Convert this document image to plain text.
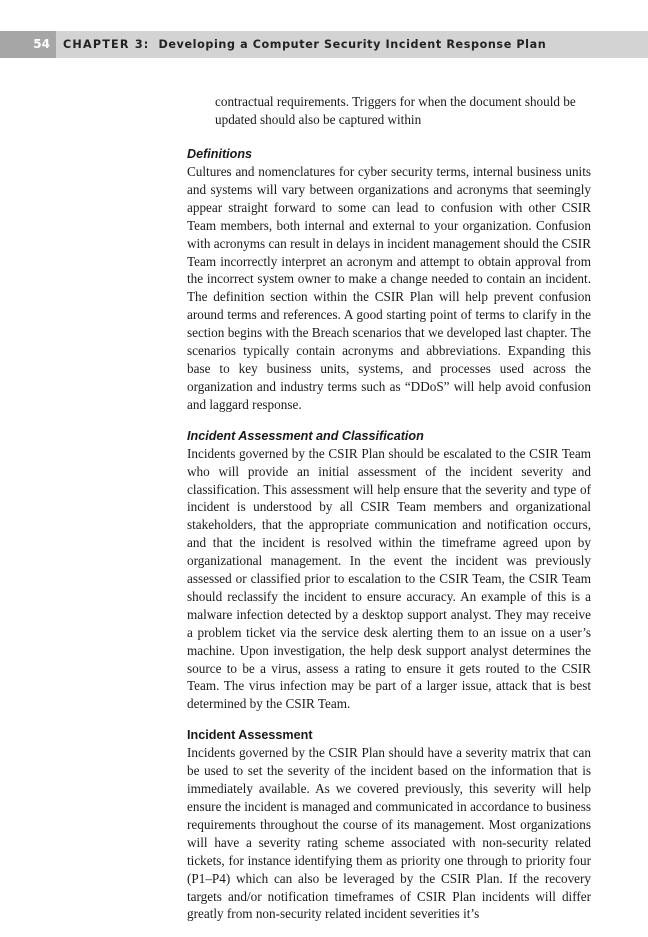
54	CHAPTER 3: Developing a Computer Security Incident Response Plan
contractual requirements. Triggers for when the document should be updated should also be captured within
Definitions

Cultures and nomenclatures for cyber security terms, internal business units and systems will vary between organizations and acronyms that seemingly appear straight forward to some can lead to confusion with other CSIR Team members, both internal and external to your organization. Confusion with acronyms can result in delays in incident management should the CSIR Team incorrectly interpret an acronym and attempt to obtain approval from the incorrect system owner to make a change needed to contain an incident. The definition section within the CSIR Plan will help prevent confusion around terms and references. A good starting point of terms to clarify in the section begins with the Breach scenarios that we developed last chapter. The scenarios typically contain acronyms and abbreviations. Expanding this base to key business units, systems, and processes used across the organization and industry terms such as “DDoS” will help avoid confusion and laggard response.

Incident Assessment and Classification

Incidents governed by the CSIR Plan should be escalated to the CSIR Team who will provide an initial assessment of the incident severity and classification. This assessment will help ensure that the severity and type of incident is understood by all CSIR Team members and organizational stakeholders, that the appropriate communication and notification occurs, and that the incident is resolved within the timeframe agreed upon by organizational management. In the event the incident was previously assessed or classified prior to escalation to the CSIR Team, the CSIR Team should reclassify the incident to ensure accuracy. An example of this is a malware infection detected by a desktop support analyst. They may receive a problem ticket via the service desk alerting them to an issue on a user’s machine. Upon investigation, the help desk support analyst determines the source to be a virus, assess a rating to ensure it gets routed to the CSIR Team. The virus infection may be part of a larger issue, attack that is best determined by the CSIR Team.

Incident Assessment

Incidents governed by the CSIR Plan should have a severity matrix that can be used to set the severity of the incident based on the information that is immediately available. As we covered previously, this severity will help ensure the incident is managed and communicated in accordance to business requirements throughout the course of its management. Most organizations will have a severity rating scheme associated with non-security related tickets, for instance identifying them as priority one through to priority four (P1–P4) which can also be leveraged by the CSIR Plan. If the recovery targets and/or notification timeframes of CSIR Plan incidents will differ greatly from non-security related incident severities it’s
